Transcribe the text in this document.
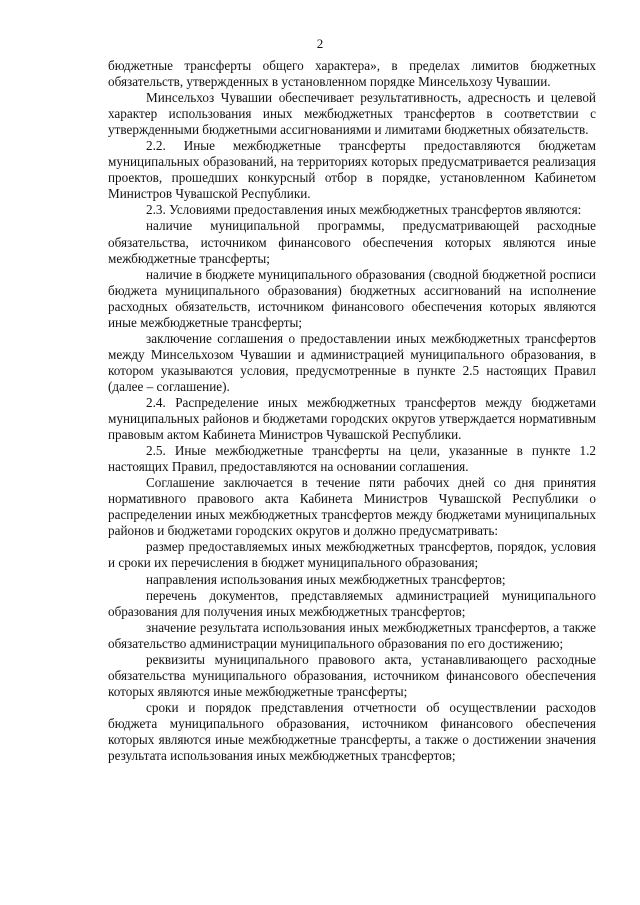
2

бюджетные трансферты общего характера», в пределах лимитов бюджетных обязательств, утвержденных в установленном порядке Минсельхозу Чувашии.

Минсельхоз Чувашии обеспечивает результативность, адресность и целевой характер использования иных межбюджетных трансфертов в соответствии с утвержденными бюджетными ассигнованиями и лимитами бюджетных обязательств.

2.2. Иные межбюджетные трансферты предоставляются бюджетам муниципальных образований, на территориях которых предусматривается реализация проектов, прошедших конкурсный отбор в порядке, установленном Кабинетом Министров Чувашской Республики.

2.3. Условиями предоставления иных межбюджетных трансфертов являются:

наличие муниципальной программы, предусматривающей расходные обязательства, источником финансового обеспечения которых являются иные межбюджетные трансферты;

наличие в бюджете муниципального образования (сводной бюджетной росписи бюджета муниципального образования) бюджетных ассигнований на исполнение расходных обязательств, источником финансового обеспечения которых являются иные межбюджетные трансферты;

заключение соглашения о предоставлении иных межбюджетных трансфертов между Минсельхозом Чувашии и администрацией муниципального образования, в котором указываются условия, предусмотренные в пункте 2.5 настоящих Правил (далее – соглашение).

2.4. Распределение иных межбюджетных трансфертов между бюджетами муниципальных районов и бюджетами городских округов утверждается нормативным правовым актом Кабинета Министров Чувашской Республики.

2.5. Иные межбюджетные трансферты на цели, указанные в пункте 1.2 настоящих Правил, предоставляются на основании соглашения.

Соглашение заключается в течение пяти рабочих дней со дня принятия нормативного правового акта Кабинета Министров Чувашской Республики о распределении иных межбюджетных трансфертов между бюджетами муниципальных районов и бюджетами городских округов и должно предусматривать:

размер предоставляемых иных межбюджетных трансфертов, порядок, условия и сроки их перечисления в бюджет муниципального образования;

направления использования иных межбюджетных трансфертов;

перечень документов, представляемых администрацией муниципального образования для получения иных межбюджетных трансфертов;

значение результата использования иных межбюджетных трансфертов, а также обязательство администрации муниципального образования по его достижению;

реквизиты муниципального правового акта, устанавливающего расходные обязательства муниципального образования, источником финансового обеспечения которых являются иные межбюджетные трансферты;

сроки и порядок представления отчетности об осуществлении расходов бюджета муниципального образования, источником финансового обеспечения которых являются иные межбюджетные трансферты, а также о достижении значения результата использования иных межбюджетных трансфертов;
